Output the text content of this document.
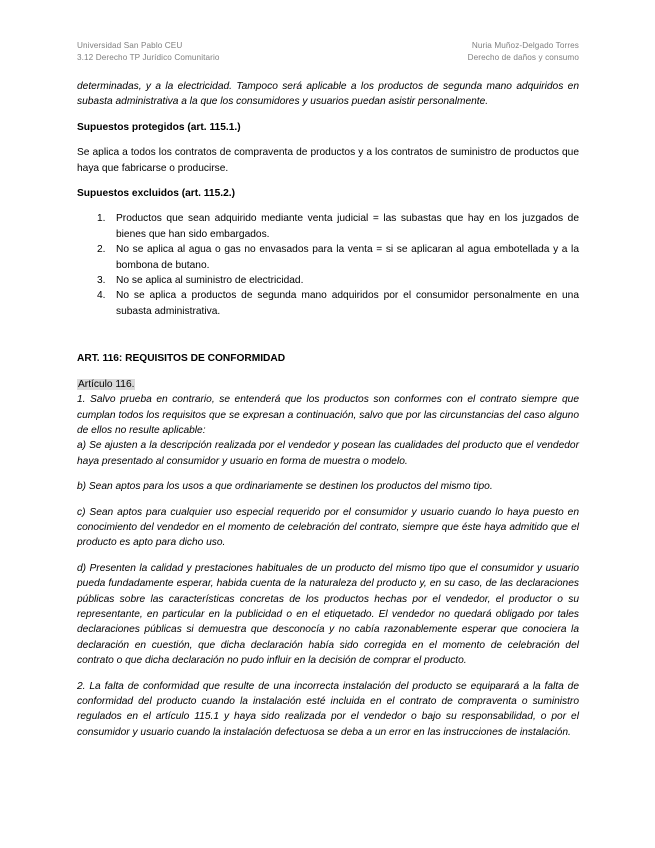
Universidad San Pablo CEU
3.12 Derecho TP Jurídico Comunitario
Nuria Muñoz-Delgado Torres
Derecho de daños y consumo

determinadas, y a la electricidad. Tampoco será aplicable a los productos de segunda mano adquiridos en subasta administrativa a la que los consumidores y usuarios puedan asistir personalmente.

Supuestos protegidos (art. 115.1.)

Se aplica a todos los contratos de compraventa de productos y a los contratos de suministro de productos que haya que fabricarse o producirse.

Supuestos excluidos (art. 115.2.)

1. Productos que sean adquirido mediante venta judicial = las subastas que hay en los juzgados de bienes que han sido embargados.
2. No se aplica al agua o gas no envasados para la venta = si se aplicaran al agua embotellada y a la bombona de butano.
3. No se aplica al suministro de electricidad.
4. No se aplica a productos de segunda mano adquiridos por el consumidor personalmente en una subasta administrativa.

ART. 116: REQUISITOS DE CONFORMIDAD

Artículo 116.

1. Salvo prueba en contrario, se entenderá que los productos son conformes con el contrato siempre que cumplan todos los requisitos que se expresan a continuación, salvo que por las circunstancias del caso alguno de ellos no resulte aplicable:

a) Se ajusten a la descripción realizada por el vendedor y posean las cualidades del producto que el vendedor haya presentado al consumidor y usuario en forma de muestra o modelo.

b) Sean aptos para los usos a que ordinariamente se destinen los productos del mismo tipo.

c) Sean aptos para cualquier uso especial requerido por el consumidor y usuario cuando lo haya puesto en conocimiento del vendedor en el momento de celebración del contrato, siempre que éste haya admitido que el producto es apto para dicho uso.

d) Presenten la calidad y prestaciones habituales de un producto del mismo tipo que el consumidor y usuario pueda fundadamente esperar, habida cuenta de la naturaleza del producto y, en su caso, de las declaraciones públicas sobre las características concretas de los productos hechas por el vendedor, el productor o su representante, en particular en la publicidad o en el etiquetado. El vendedor no quedará obligado por tales declaraciones públicas si demuestra que desconocía y no cabía razonablemente esperar que conociera la declaración en cuestión, que dicha declaración había sido corregida en el momento de celebración del contrato o que dicha declaración no pudo influir en la decisión de comprar el producto.

2. La falta de conformidad que resulte de una incorrecta instalación del producto se equiparará a la falta de conformidad del producto cuando la instalación esté incluida en el contrato de compraventa o suministro regulados en el artículo 115.1 y haya sido realizada por el vendedor o bajo su responsabilidad, o por el consumidor y usuario cuando la instalación defectuosa se deba a un error en las instrucciones de instalación.
